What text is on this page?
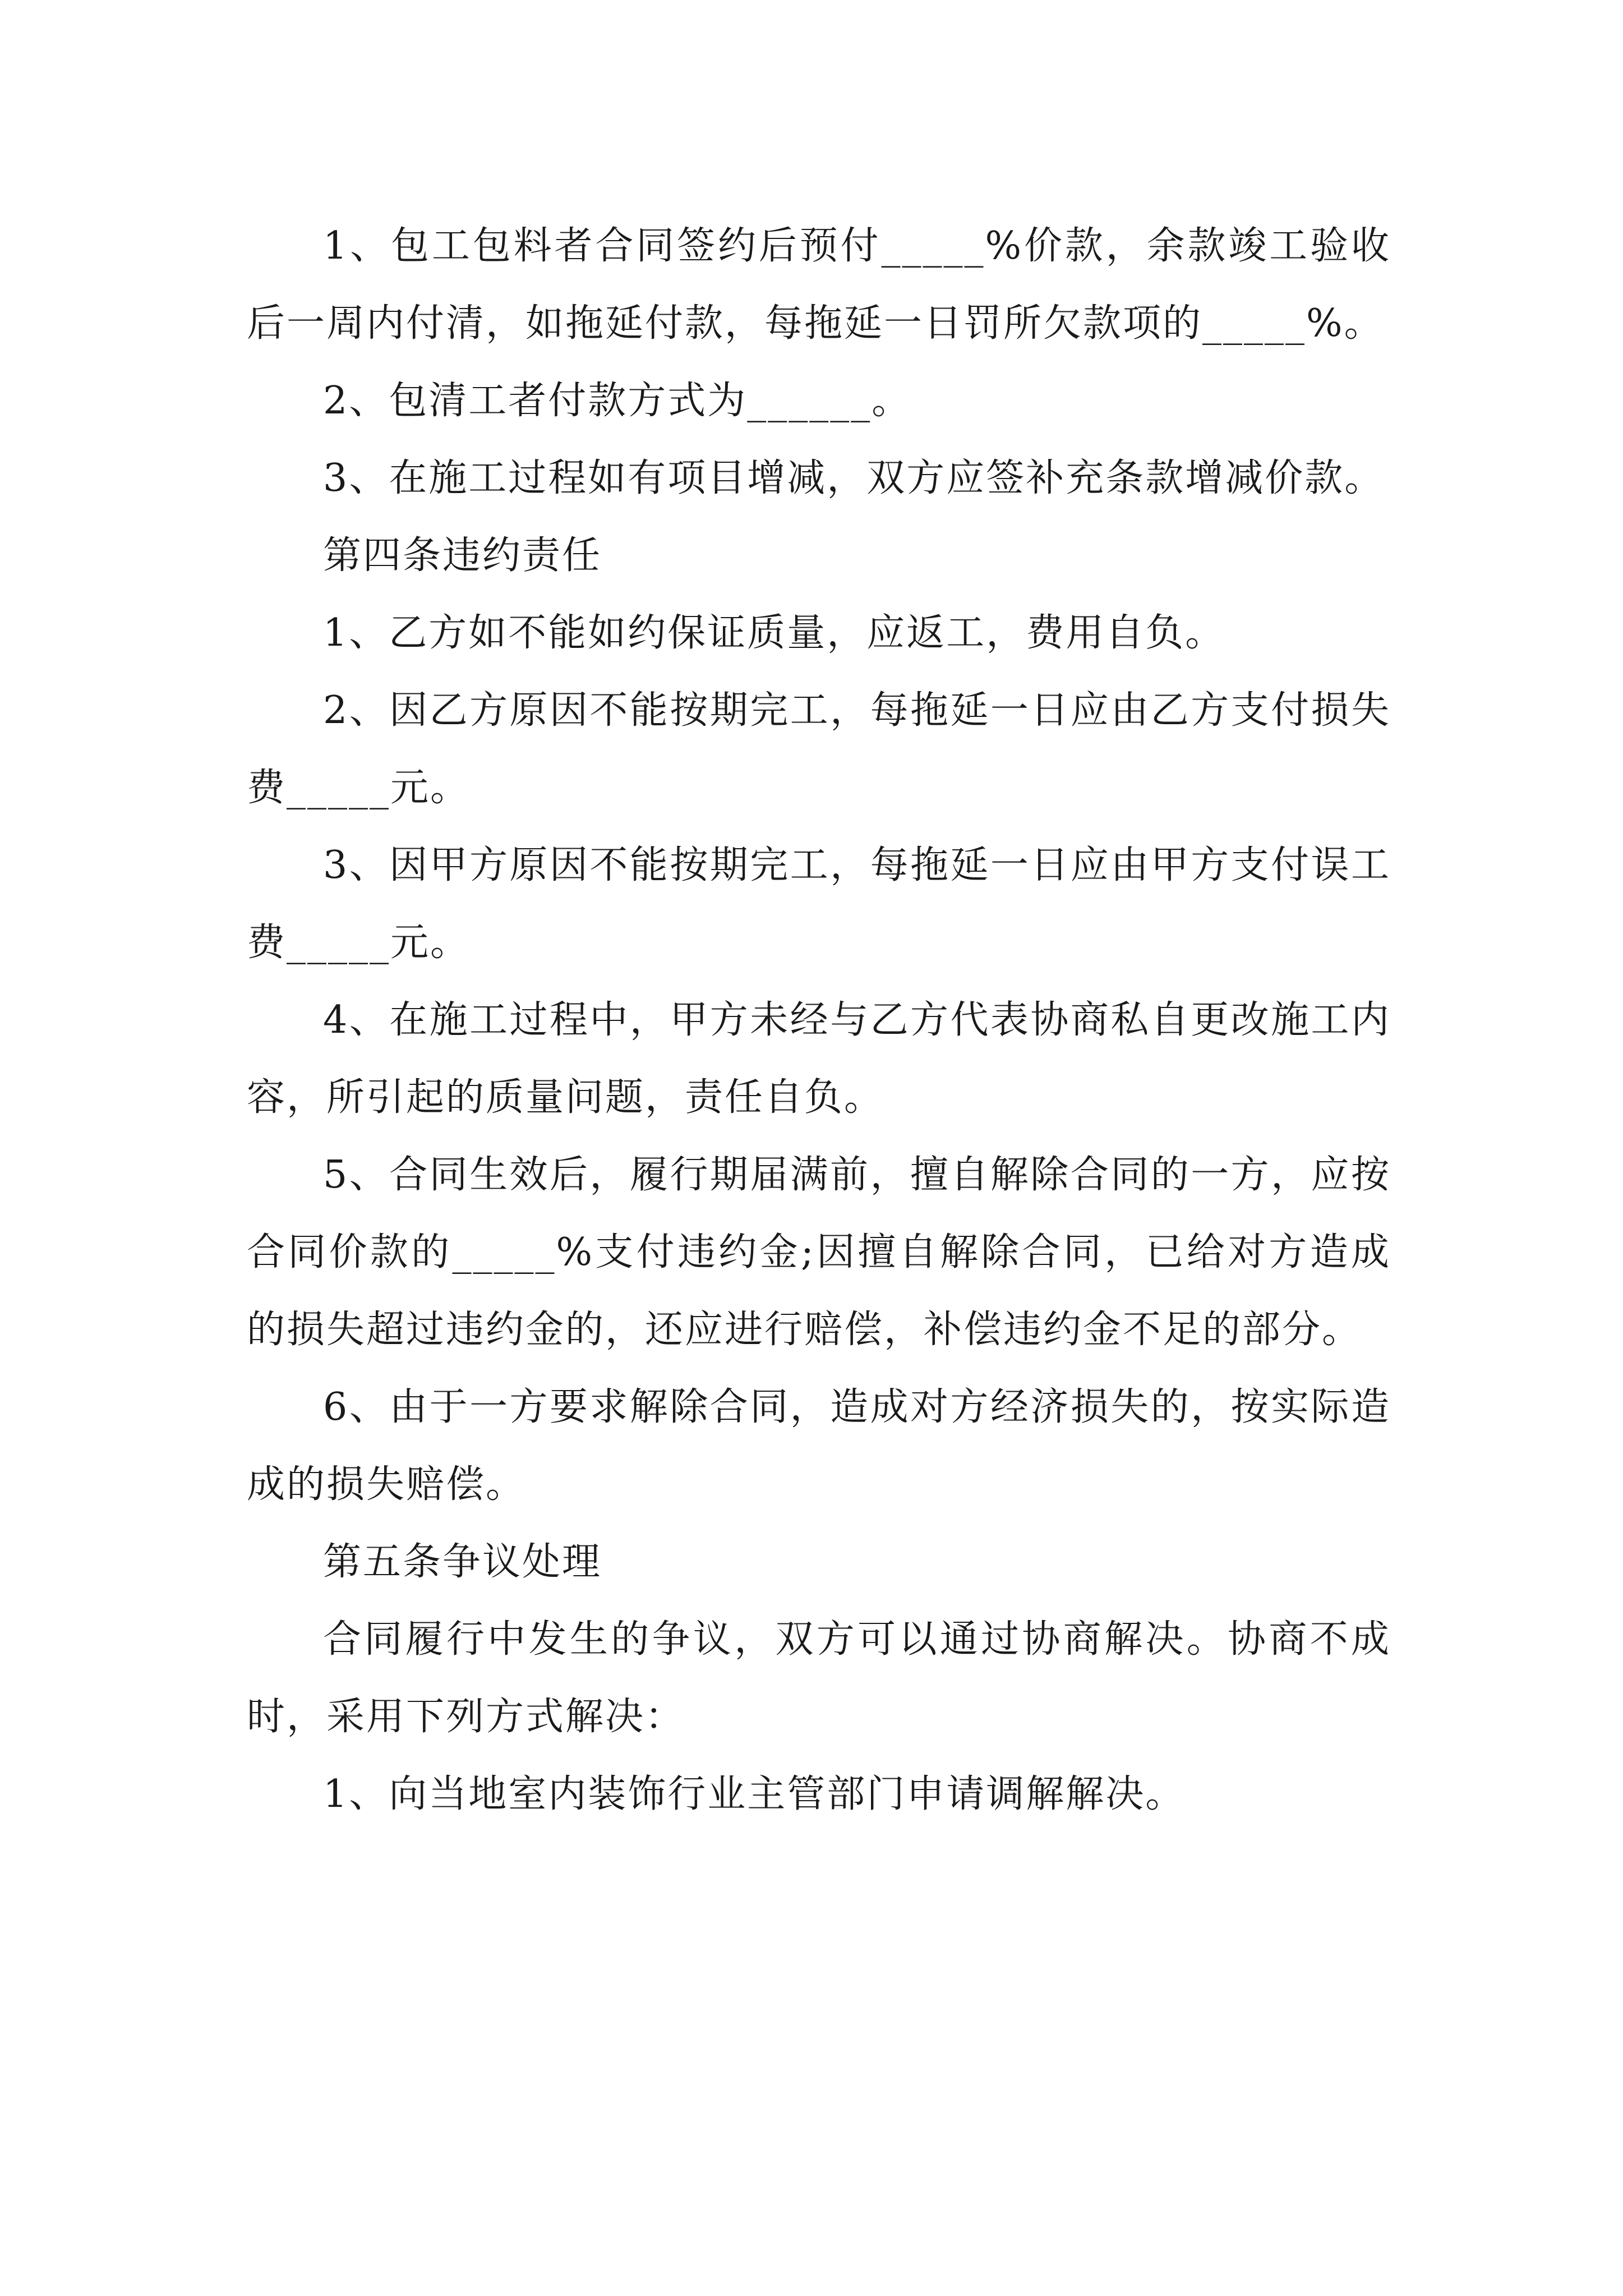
1、包工包料者合同签约后预付_____%价款，余款竣工验收后一周内付清，如拖延付款，每拖延一日罚所欠款项的_____%。

2、包清工者付款方式为______。

3、在施工过程如有项目增减，双方应签补充条款增减价款。

第四条违约责任

1、乙方如不能如约保证质量，应返工，费用自负。

2、因乙方原因不能按期完工，每拖延一日应由乙方支付损失费_____元。

3、因甲方原因不能按期完工，每拖延一日应由甲方支付误工费_____元。

4、在施工过程中，甲方未经与乙方代表协商私自更改施工内容，所引起的质量问题，责任自负。

5、合同生效后，履行期届满前，擅自解除合同的一方，应按合同价款的_____%支付违约金;因擅自解除合同，已给对方造成的损失超过违约金的，还应进行赔偿，补偿违约金不足的部分。

6、由于一方要求解除合同，造成对方经济损失的，按实际造成的损失赔偿。

第五条争议处理

合同履行中发生的争议，双方可以通过协商解决。协商不成时，采用下列方式解决：

1、向当地室内装饰行业主管部门申请调解解决。
